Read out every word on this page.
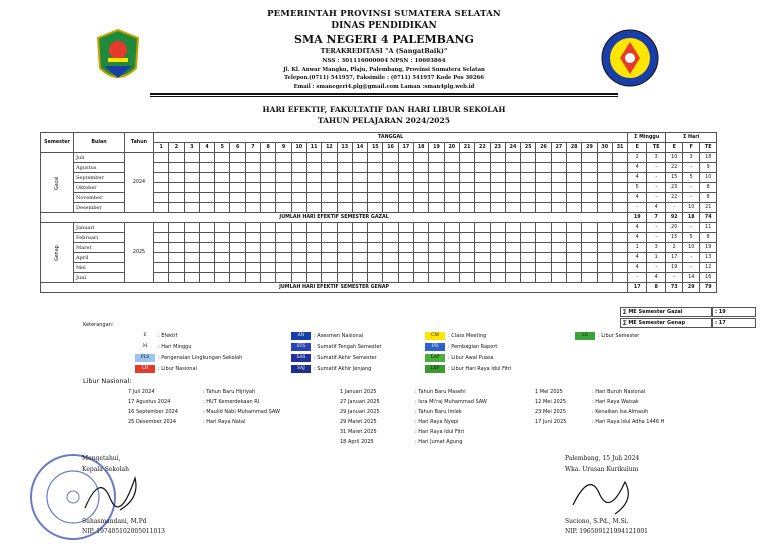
PEMERINTAH PROVINSI SUMATERA SELATAN
DINAS PENDIDIKAN
SMA NEGERI 4 PALEMBANG
TERAKREDITASI "A (SangatBaik)"
NSS : 301116000004 NPSN : 10603864
Jl. Kl. Anwar Mangku, Plaju, Palembang, Provinsi Sumatera Selatan
Telepon.(0711) 541957, Faksimile : (0711) 541957 Kode Pos 30266
Email : smanegeri4.plg@gmail.com Laman :sman4plg.web.id
HARI EFEKTIF, FAKULTATIF DAN HARI LIBUR SEKOLAH
TAHUN PELAJARAN 2024/2025
Semester	Bulan	Tahun	TANGGAL																															Σ Minggu		Σ Hari		
			1	2	3	4	5	6	7	8	9	10	11	12	13	14	15	16	17	18	19	20	21	22	23	24	25	26	27	28	29	30	31	E	TE	E	F	TE
Gazal	Juli	2024																																2	3	10	3	18
	Agustus																																	4	-	22	-	9
	September																																	4	-	15	5	10
	Oktober																																	5	-	23	-	8
	November																																	4	-	22	-	8
	Desember																																	-	4	-	10	21
JUMLAH HARI EFEKTIF SEMESTER GAZAL																																		19	7	92	18	74
Genap	Januari	2025																																4	-	20	-	11
	Februari																																	4	-	15	5	8
	Maret																																	1	3	2	10	19
	April																																	4	1	17	-	13
	Mei																																	4	-	19	-	12
	Juni																																	-	4	-	14	16
JUMLAH HARI EFEKTIF SEMESTER GENAP																																		17	8	73	29	79
Keterangan:
E	: Efektif
M	: Hari Minggu
PLS	: Pengenalan Lingkungan Sekolah
LN	: Libur Nasional
AN	: Asesmen Nasional
STS	: Sumatif Tengah Semester
SAS	: Sumatif Akhir Semester
SAJ	: Sumatif Akhir Jenjang
CM	: Class Meeting
PR	: Pembagian Raport
LAP	: Libur Awal Puasa
LIIF	: Libur Hari Raya Idul Fitri
LS	: Libur Semester
Libur Nasional:
7 Juli 2024	: Tahun Baru Hijriyah
17 Agustus 2024	: HUT Kemerdekaan RI
16 September 2024	: Maulid Nabi Muhammad SAW
25 Desember 2024	: Hari Raya Natal
1 Januari 2025	: Tahun Baru Masehi
27 Januari 2025	: Isra Mi'raj Muhammad SAW
29 Januari 2025	: Tahun Baru Imlek
29 Maret 2025	: Hari Raya Nyepi
31 Maret 2025	: Hari Raya Idul Fitri
18 April 2025	: Hari Jumat Agung
1 Mei 2025	: Hari Buruh Nasional
12 Mei 2025	: Hari Raya Waisak
23 Mei 2025	: Kenaikan Isa Almasih
17 Juni 2025	: Hari Raya Idul Adha 1446 H
Mengetahui,
Kepala Sekolah
Suhasmandani, M.Pd
NIP. 197405102005011013
Palembang, 15 Juli 2024
Wka. Urusan Kurikulum
Suciono, S.Pd., M.Si.
NIP. 196509121994121001
∑ ME Semester Gazal	: 19
∑ ME Semester Genap	: 17
